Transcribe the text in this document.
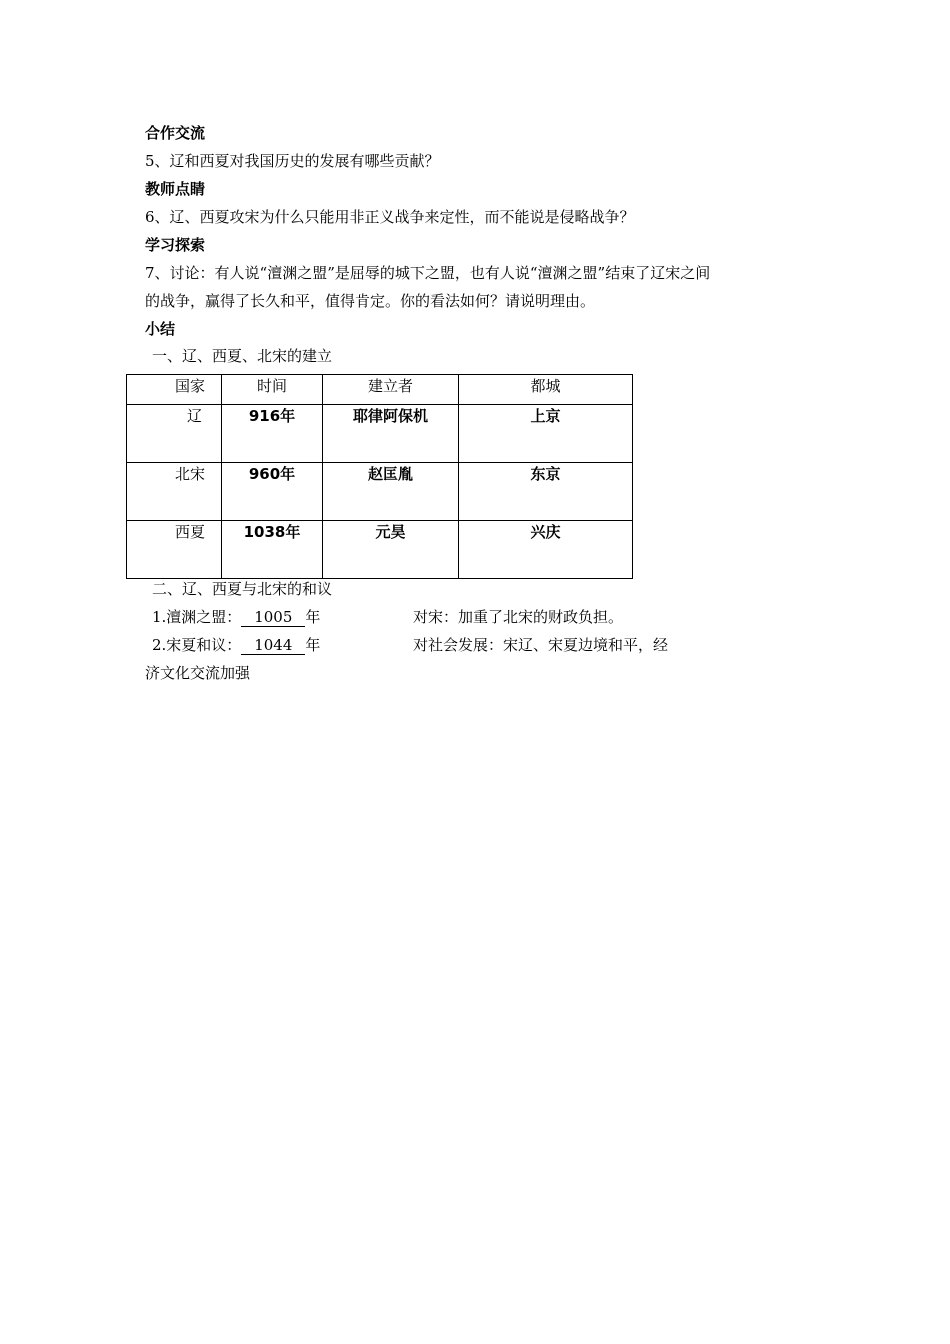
合作交流
5、辽和西夏对我国历史的发展有哪些贡献？
教师点睛
6、辽、西夏攻宋为什么只能用非正义战争来定性，而不能说是侵略战争？
学习探索
7、讨论：有人说“澶渊之盟”是屈辱的城下之盟，也有人说“澶渊之盟”结束了辽宋之间
的战争，赢得了长久和平，值得肯定。你的看法如何？请说明理由。
小结
一、辽、西夏、北宋的建立
国家	时间	建立者	都城
辽	916年	耶律阿保机	上京
北宋	960年	赵匡胤	东京
西夏	1038年	元昊	兴庆
二、辽、西夏与北宋的和议
1.澶渊之盟： 1005 年	对宋：加重了北宋的财政负担。
2.宋夏和议： 1044 年	对社会发展：宋辽、宋夏边境和平，经
济文化交流加强
